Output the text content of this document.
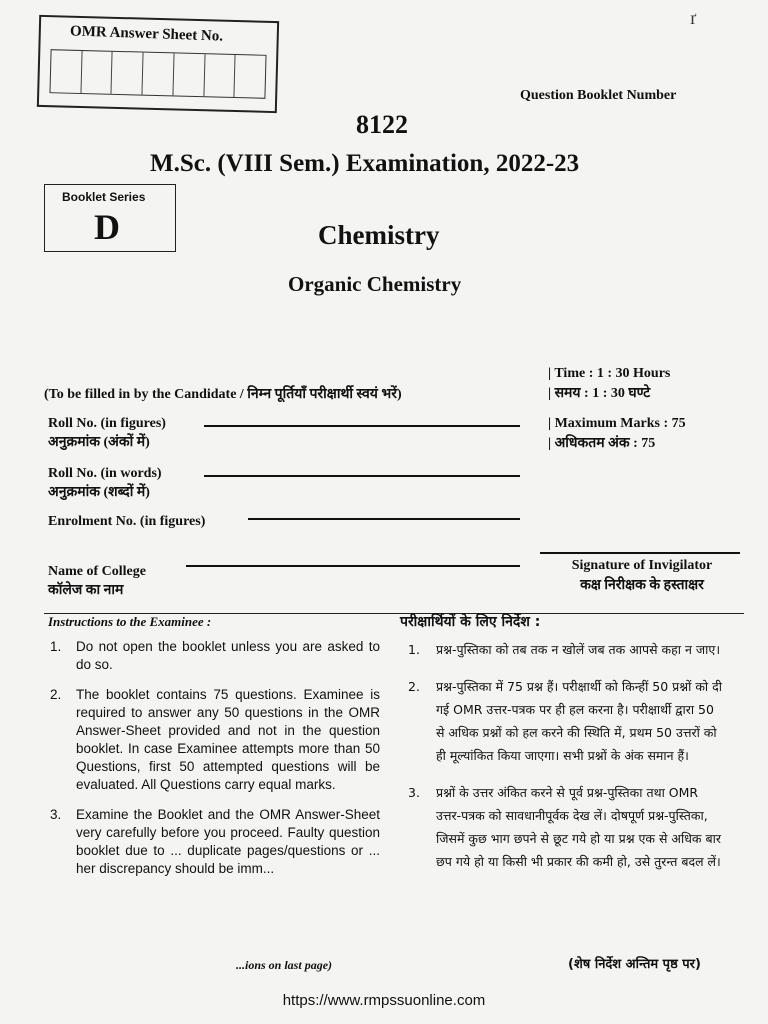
ґ
OMR Answer Sheet No.
Question Booklet Number
8122
M.Sc. (VIII Sem.) Examination, 2022-23
Booklet Series
D	Chemistry
Organic Chemistry
| Time : 1 : 30 Hours
| समय : 1 : 30 घण्टे
| Maximum Marks : 75
| अधिकतम अंक : 75
(To be filled in by the Candidate / निम्न पूर्तियाँ परीक्षार्थी स्वयं भरें)
Roll No. (in figures)
अनुक्रमांक (अंकों में)
Roll No. (in words)
अनुक्रमांक (शब्दों में)
Enrolment No. (in figures)
Name of College
कॉलेज का नाम
Signature of Invigilator
कक्ष निरीक्षक के हस्ताक्षर
Instructions to the Examinee :
1.	Do not open the booklet unless you are asked to do so.
2.	The booklet contains 75 questions. Examinee is required to answer any 50 questions in the OMR Answer-Sheet provided and not in the question booklet. In case Examinee attempts more than 50 Questions, first 50 attempted questions will be evaluated. All Questions carry equal marks.
3.	Examine the Booklet and the OMR Answer-Sheet very carefully before you proceed. Faulty question booklet due to ... duplicate pages/questions or ... her discrepancy should be imm...
...ions on last page)
परीक्षार्थियों के लिए निर्देश :
1.	प्रश्न-पुस्तिका को तब तक न खोलें जब तक आपसे कहा न जाए।
2.	प्रश्न-पुस्तिका में 75 प्रश्न हैं। परीक्षार्थी को किन्हीं 50 प्रश्नों को दी गई OMR उत्तर-पत्रक पर ही हल करना है। परीक्षार्थी द्वारा 50 से अधिक प्रश्नों को हल करने की स्थिति में, प्रथम 50 उत्तरों को ही मूल्यांकित किया जाएगा। सभी प्रश्नों के अंक समान हैं।
3.	प्रश्नों के उत्तर अंकित करने से पूर्व प्रश्न-पुस्तिका तथा OMR उत्तर-पत्रक को सावधानीपूर्वक देख लें। दोषपूर्ण प्रश्न-पुस्तिका, जिसमें कुछ भाग छपने से छूट गये हो या प्रश्न एक से अधिक बार छप गये हो या किसी भी प्रकार की कमी हो, उसे तुरन्त बदल लें।
(शेष निर्देश अन्तिम पृष्ठ पर)
https://www.rmpssuonline.com
